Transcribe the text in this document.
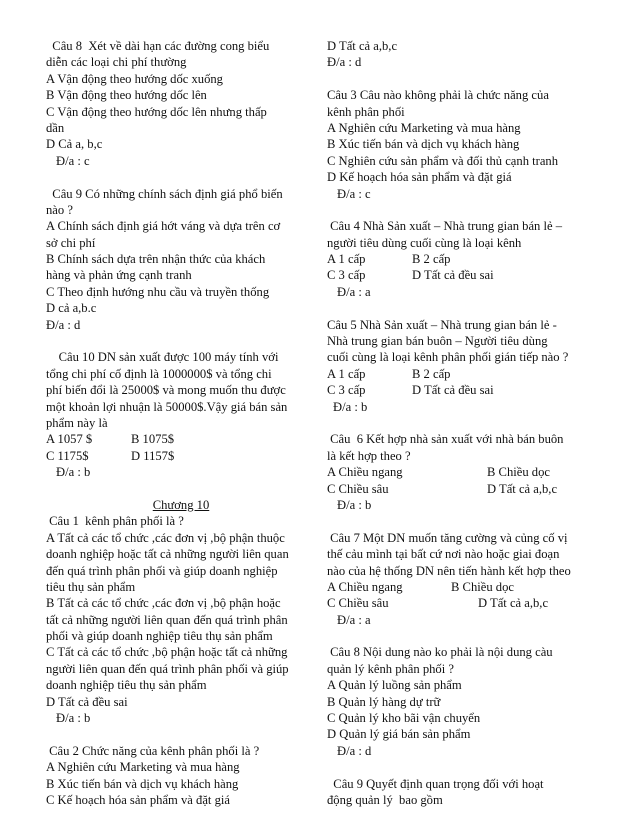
Câu 8  Xét về dài hạn các đường cong biểu
diễn các loại chi phí thường
A Vận động theo hướng dốc xuống
B Vận động theo hướng dốc lên
C Vận động theo hướng dốc lên nhưng thấp
dần
D Cả a, b,c
Đ/a : c
Câu 9 Có những chính sách định giá phổ biến
nào ?
A Chính sách định giá hớt váng và dựa trên cơ
sở chi phí
B Chính sách dựa trên nhận thức của khách
hàng và phản ứng cạnh tranh
C Theo định hướng nhu cầu và truyền thống
D cả a,b.c
Đ/a : d
Câu 10 DN sản xuất được 100 máy tính với
tổng chi phí cố định là 1000000$ và tổng chi
phí biến đổi là 25000$ và mong muốn thu được
một khoản lợi nhuận là 50000$.Vậy giá bán sản
phẩm này là
A 1057 $	B 1075$
C 1175$	D 1157$
Đ/a : b
Chương 10
Câu 1  kênh phân phối là ?
A Tất cả các tổ chức ,các đơn vị ,bộ phận thuộc
doanh nghiệp hoặc tất cả những người liên quan
đến quá trình phân phối và giúp doanh nghiệp
tiêu thụ sản phẩm
B Tất cả các tổ chức ,các đơn vị ,bộ phận hoặc
tất cả những người liên quan đến quá trình phân
phối và giúp doanh nghiệp tiêu thụ sản phẩm
C Tất cả các tổ chức ,bộ phận hoặc tất cả những
người liên quan đến quá trình phân phối và giúp
doanh nghiệp tiêu thụ sản phẩm
D Tất cả đều sai
Đ/a : b
Câu 2 Chức năng của kênh phân phối là ?
A Nghiên cứu Marketing và mua hàng
B Xúc tiến bán và dịch vụ khách hàng
C Kế hoạch hóa sản phẩm và đặt giá
D Tất cả a,b,c
Đ/a : d
Câu 3 Câu nào không phải là chức năng của
kênh phân phối
A Nghiên cứu Marketing và mua hàng
B Xúc tiến bán và dịch vụ khách hàng
C Nghiên cứu sản phẩm và đối thủ cạnh tranh
D Kế hoạch hóa sản phẩm và đặt giá
Đ/a : c
Câu 4 Nhà Sản xuất – Nhà trung gian bán lẻ –
người tiêu dùng cuối cùng là loại kênh
A 1 cấp	B 2 cấp
C 3 cấp	D Tất cả đều sai
Đ/a : a
Câu 5 Nhà Sản xuất – Nhà trung gian bán lẻ -
Nhà trung gian bán buôn – Người tiêu dùng
cuối cùng là loại kênh phân phối gián tiếp nào ?
A 1 cấp	B 2 cấp
C 3 cấp	D Tất cả đều sai
Đ/a : b
Câu  6 Kết hợp nhà sản xuất với nhà bán buôn
là kết hợp theo ?
A Chiều ngang	B Chiều dọc
C Chiều sâu	D Tất cả a,b,c
Đ/a : b
Câu 7 Một DN muốn tăng cường và củng cố vị
thế cảu mình tại bất cứ nơi nào hoặc giai đoạn
nào của hệ thống DN nên tiến hành kết hợp theo
A Chiều ngang	B Chiều dọc
C Chiều sâu	D Tất cả a,b,c
Đ/a : a
Câu 8 Nội dung nào ko phải là nội dung càu
quản lý kênh phân phối ?
A Quản lý luồng sản phẩm
B Quản lý hàng dự trữ
C Quản lý kho bãi vận chuyển
D Quản lý giá bán sản phẩm
Đ/a : d
Câu 9 Quyết định quan trọng đối với hoạt
động quản lý  bao gồm
